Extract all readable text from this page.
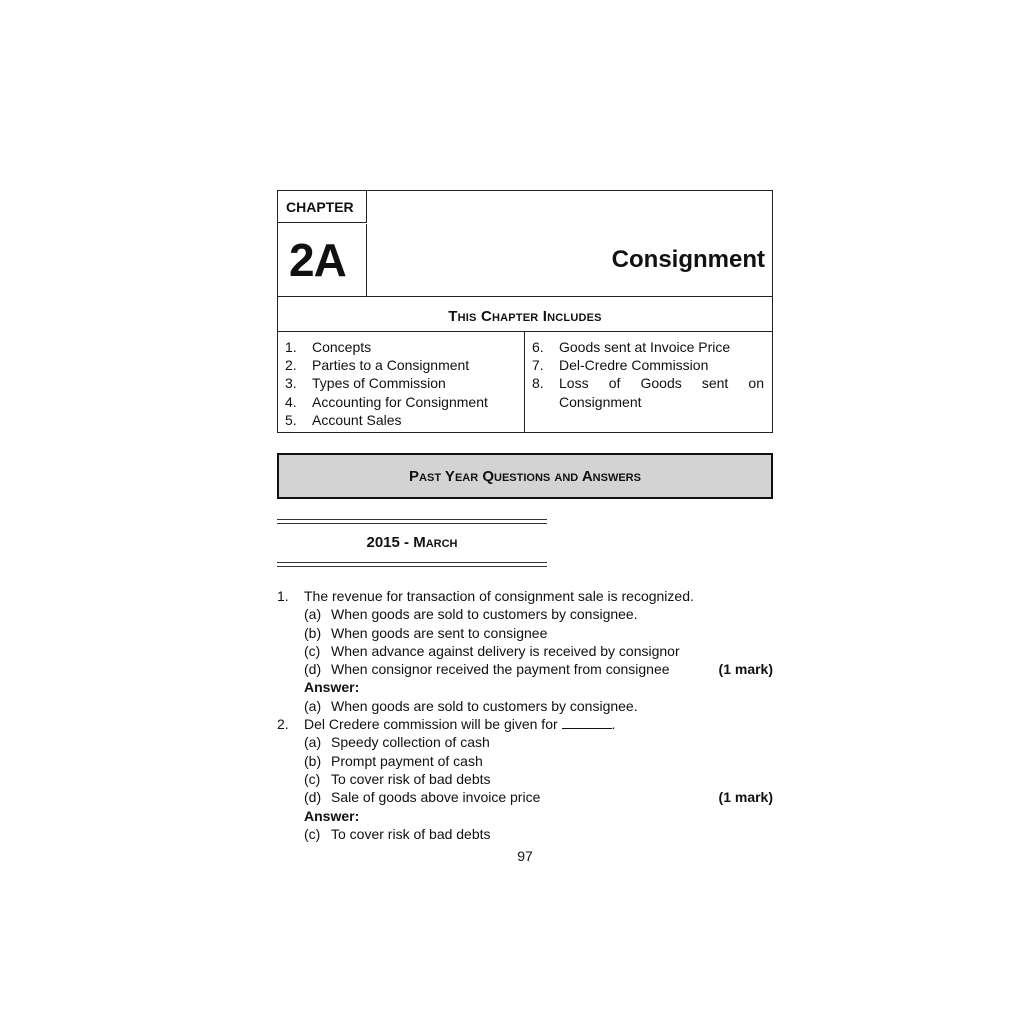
CHAPTER
2A	Consignment
This Chapter Includes
1.	Concepts
2.	Parties to a Consignment
3.	Types of Commission
4.	Accounting for Consignment
5.	Account Sales
6.	Goods sent at Invoice Price
7.	Del-Credre Commission
8.	Loss of Goods sent on
Consignment
Past Year Questions and Answers
2015 - March
1.	The revenue for transaction of consignment sale is recognized.
(a) When goods are sold to customers by consignee.
(b) When goods are sent to consignee
(c) When advance against delivery is received by consignor
(d) When consignor received the payment from consignee	(1 mark)
Answer:
(a) When goods are sold to customers by consignee.
2.	Del Credere commission will be given for	.
(a) Speedy collection of cash
(b) Prompt payment of cash
(c) To cover risk of bad debts
(d) Sale of goods above invoice price	(1 mark)
Answer:
(c) To cover risk of bad debts
97
